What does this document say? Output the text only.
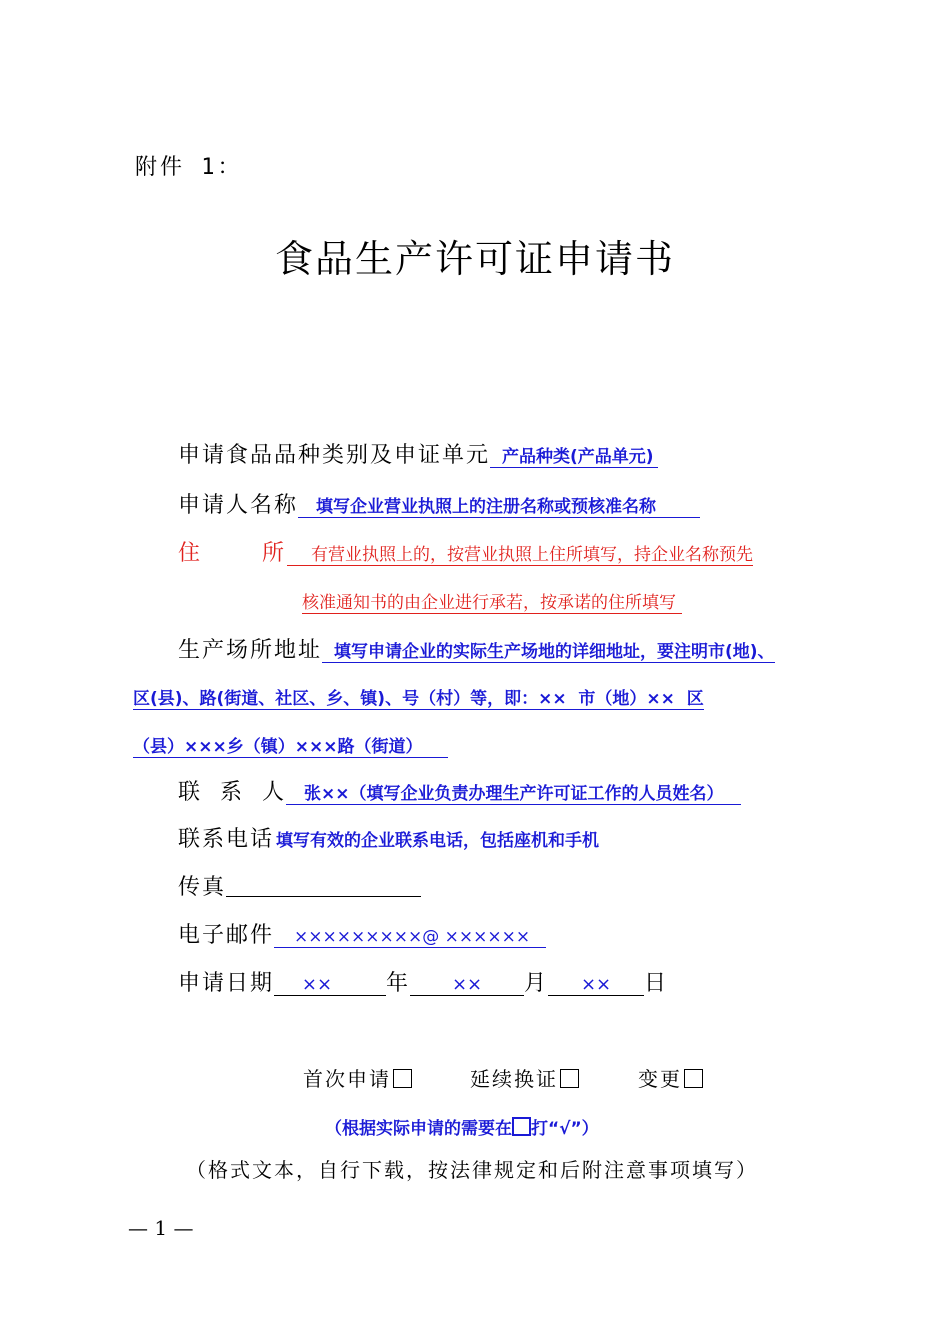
附件 1：
食品生产许可证申请书
申请食品品种类别及申证单元 产品种类(产品单元)
申请人名称 填写企业营业执照上的注册名称或预核准名称
住	所	有营业执照上的，按营业执照上住所填写，持企业名称预先
核准通知书的由企业进行承若，按承诺的住所填写
生产场所地址 填写申请企业的实际生产场地的详细地址，要注明市(地)、
区(县)、路(街道、社区、乡、镇)、号（村）等，即：××  市（地）××  区
（县）×××乡（镇）×××路（街道）
联  系  人 张××（填写企业负责办理生产许可证工作的人员姓名）
联系电话 填写有效的企业联系电话，包括座机和手机
传真
电子邮件 ×××××××××@ ××××××
申请日期 ×× 年 ×× 月 ×× 日
首次申请	延续换证	变更
（根据实际申请的需要在 打“√”）
（格式文本，自行下载，按法律规定和后附注意事项填写）
— 1 —
